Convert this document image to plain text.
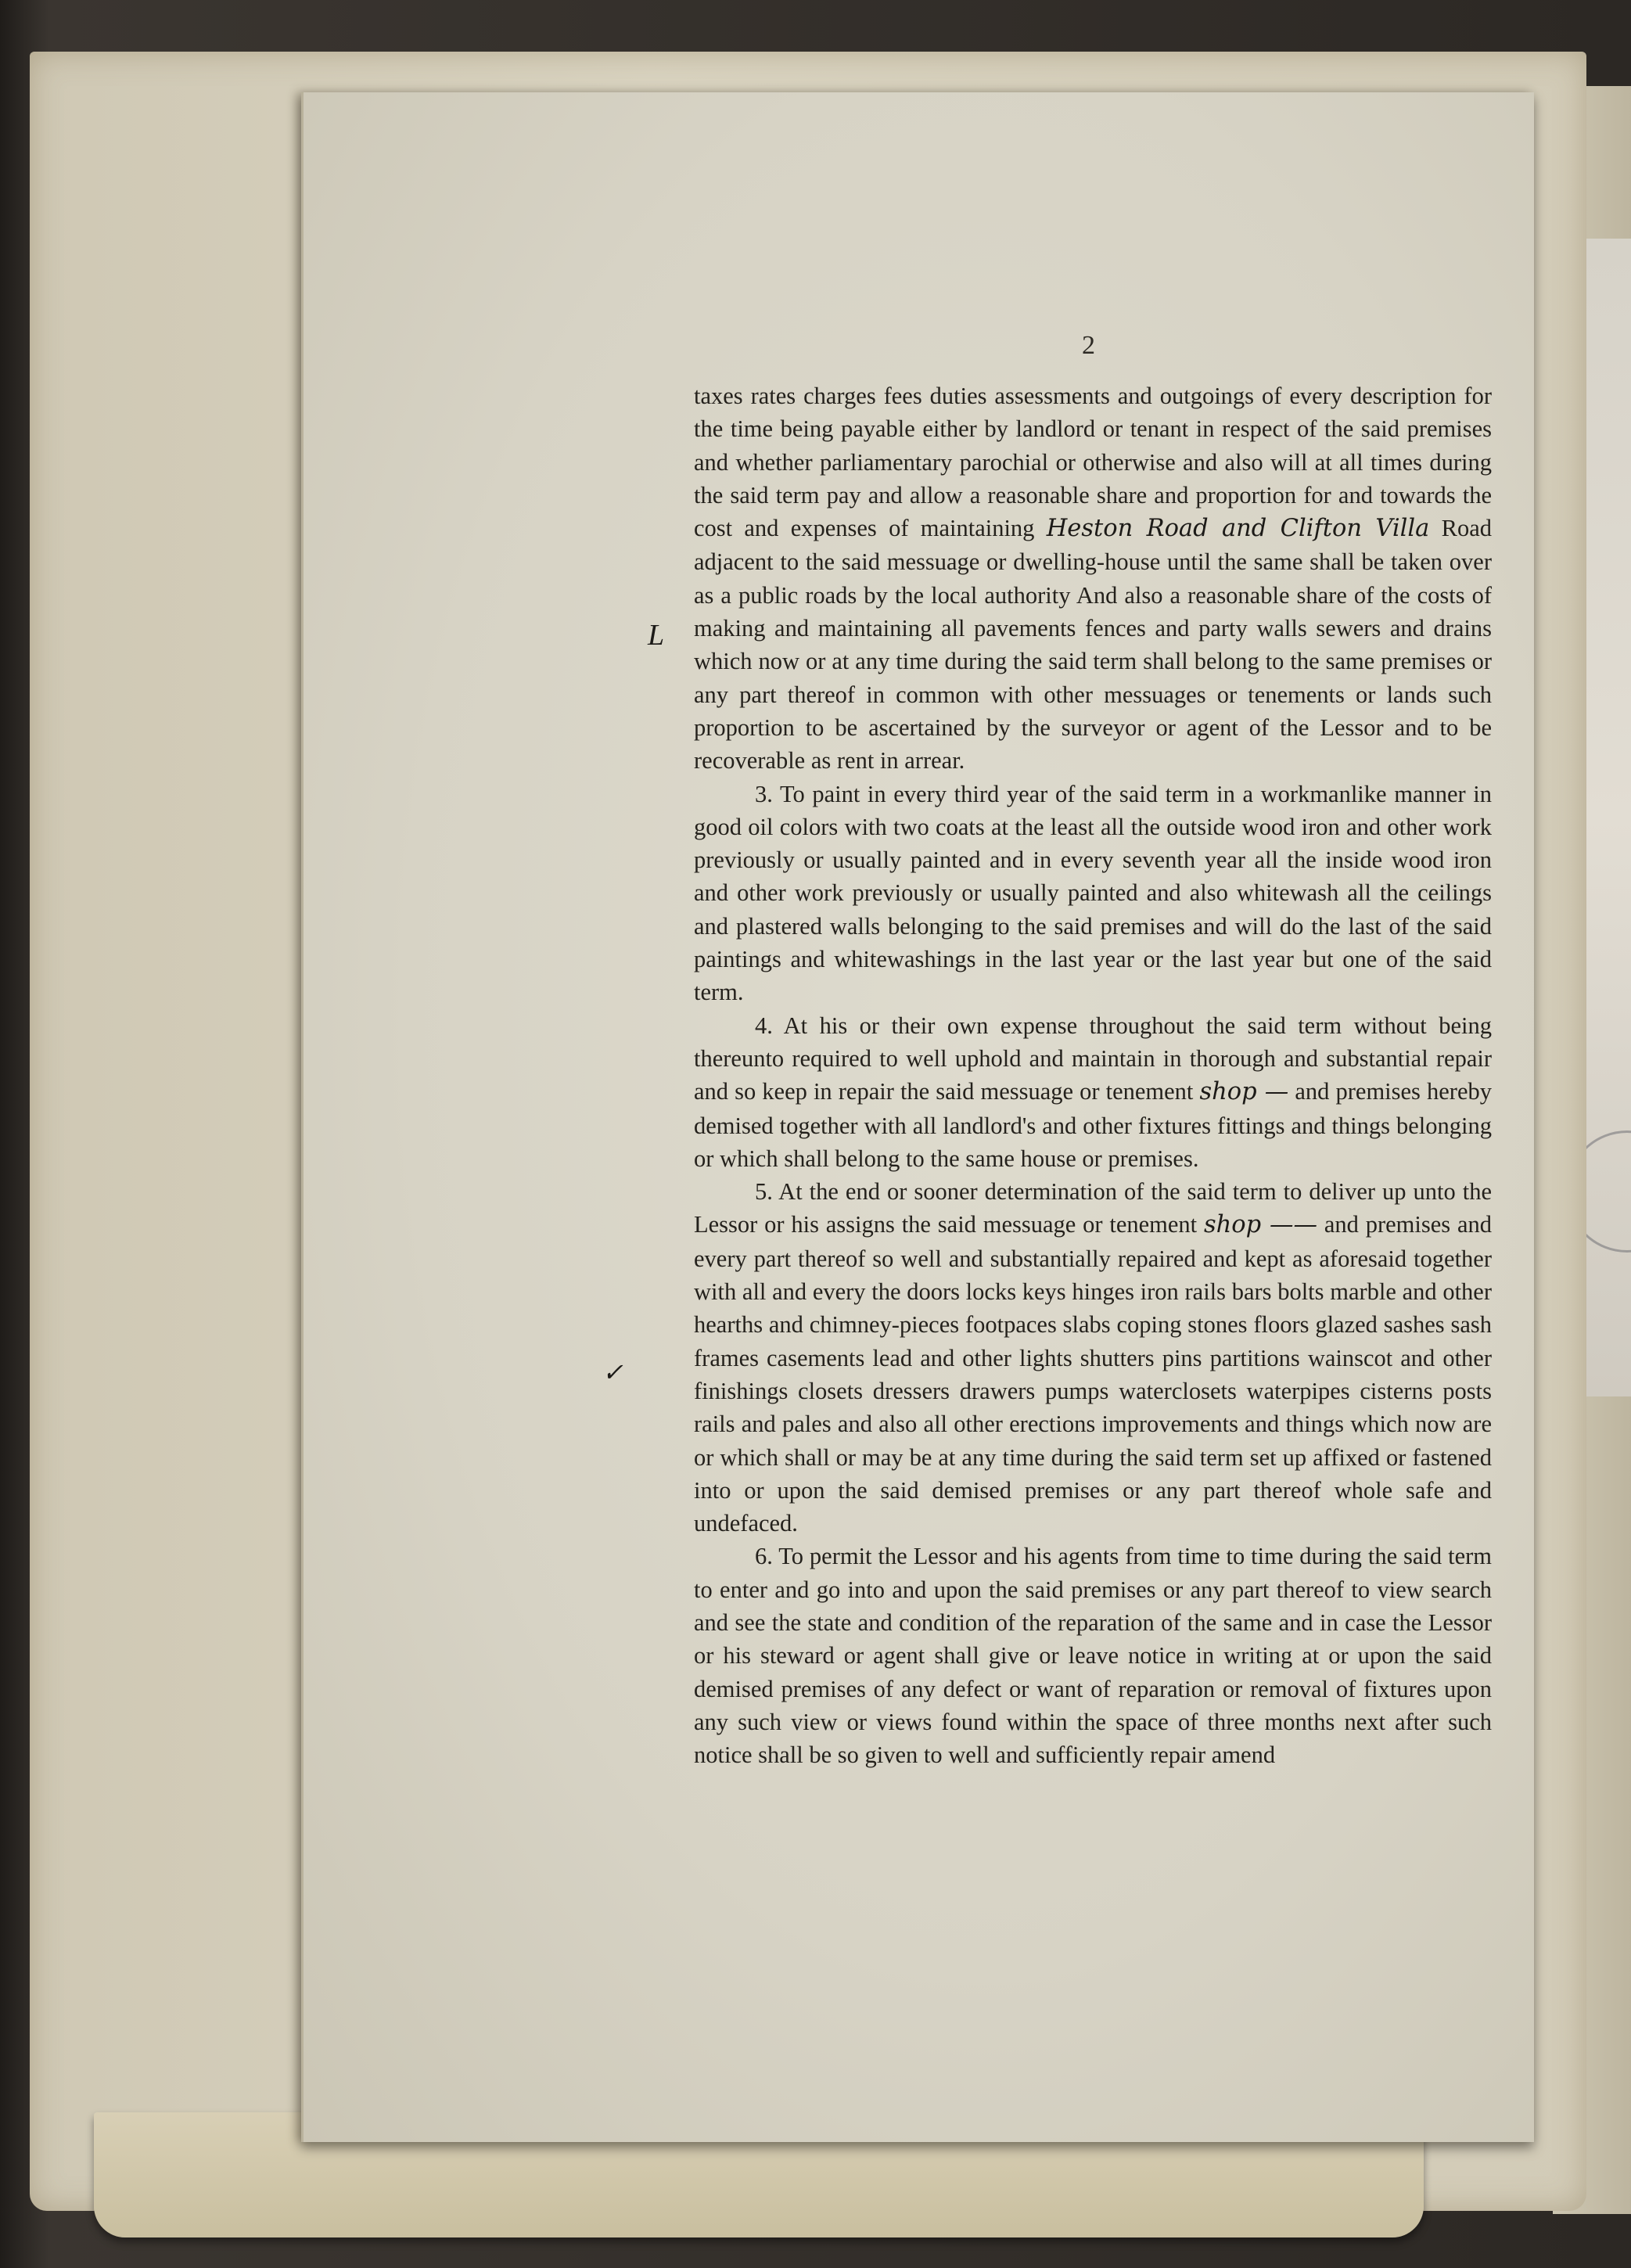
2
L
✓

taxes rates charges fees duties assessments and outgoings of every description for the time being payable either by landlord or tenant in respect of the said premises and whether parliamentary parochial or otherwise and also will at all times during the said term pay and allow a reasonable share and proportion for and towards the cost and expenses of maintaining Heston Road and Clifton Villa Road adjacent to the said messuage or dwelling-house until the same shall be taken over as a public roads by the local authority And also a reasonable share of the costs of making and maintaining all pavements fences and party walls sewers and drains which now or at any time during the said term shall belong to the same premises or any part thereof in common with other messuages or tenements or lands such proportion to be ascertained by the surveyor or agent of the Lessor and to be recoverable as rent in arrear.

3. To paint in every third year of the said term in a workmanlike manner in good oil colors with two coats at the least all the outside wood iron and other work previously or usually painted and in every seventh year all the inside wood iron and other work previously or usually painted and also whitewash all the ceilings and plastered walls belonging to the said premises and will do the last of the said paintings and whitewashings in the last year or the last year but one of the said term.

4. At his or their own expense throughout the said term without being thereunto required to well uphold and maintain in thorough and substantial repair and so keep in repair the said messuage or tenement shop — and premises hereby demised together with all landlord's and other fixtures fittings and things belonging or which shall belong to the same house or premises.

5. At the end or sooner determination of the said term to deliver up unto the Lessor or his assigns the said messuage or tenement shop —— and premises and every part thereof so well and substantially repaired and kept as aforesaid together with all and every the doors locks keys hinges iron rails bars bolts marble and other hearths and chimney-pieces footpaces slabs coping stones floors glazed sashes sash frames casements lead and other lights shutters pins partitions wainscot and other finishings closets dressers drawers pumps waterclosets waterpipes cisterns posts rails and pales and also all other erections improvements and things which now are or which shall or may be at any time during the said term set up affixed or fastened into or upon the said demised premises or any part thereof whole safe and undefaced.

6. To permit the Lessor and his agents from time to time during the said term to enter and go into and upon the said premises or any part thereof to view search and see the state and condition of the reparation of the same and in case the Lessor or his steward or agent shall give or leave notice in writing at or upon the said demised premises of any defect or want of reparation or removal of fixtures upon any such view or views found within the space of three months next after such notice shall be so given to well and sufficiently repair amend
